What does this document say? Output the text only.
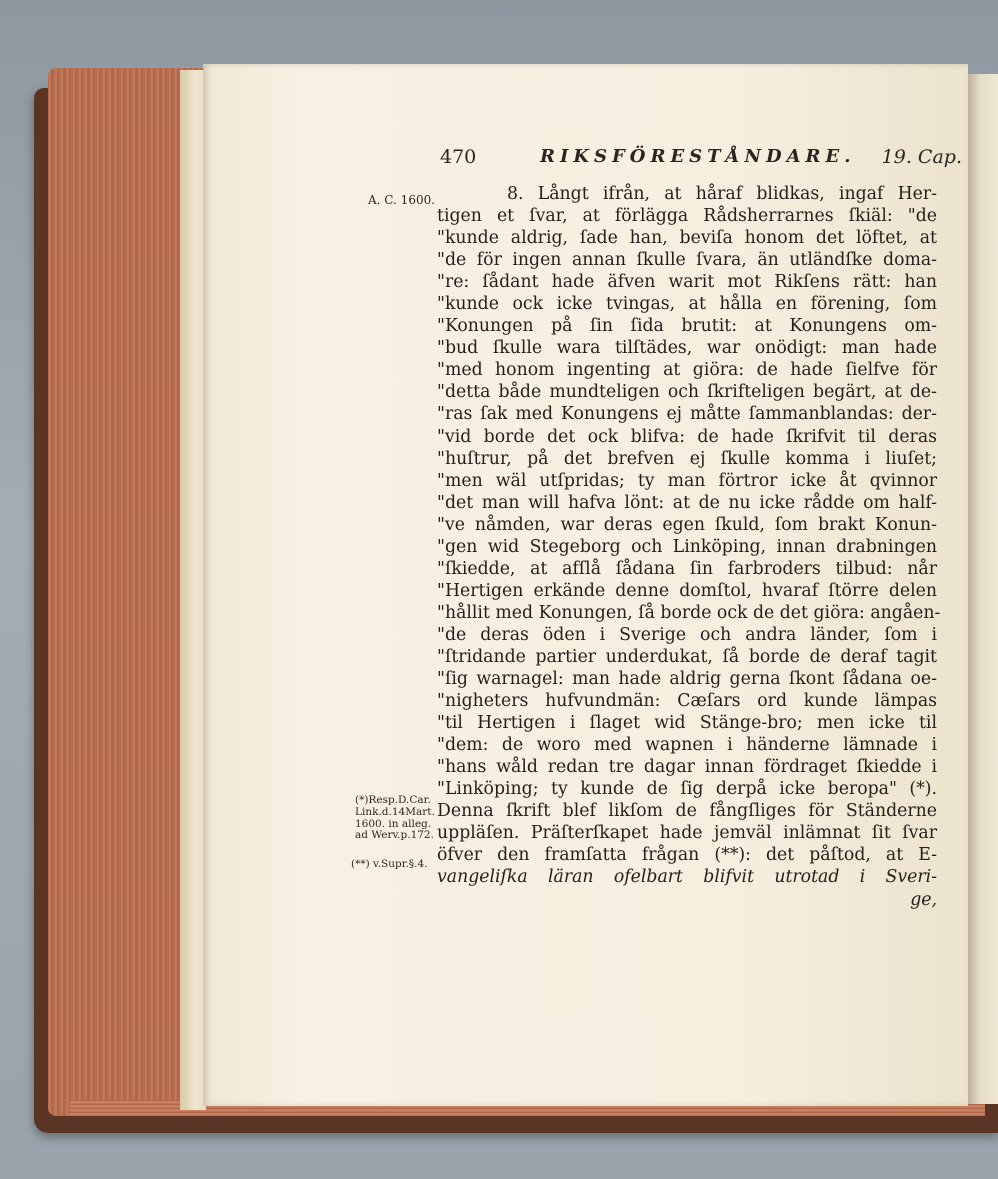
470	RIKSFÖRESTÅNDARE. 19. Cap.
A. C. 1600.
(*)Resp.D.Car.
Link.d.14Mart.
1600. in alleg.
ad Werv.p.172.
(**) v.Supr.§.4.
8. Långt ifrån, at håraf blidkas, ingaf Her-
tigen et ſvar, at förlägga Rådsherrarnes ſkiäl: "de
"kunde aldrig, ſade han, beviſa honom det löftet, at
"de för ingen annan ſkulle ſvara, än utländſke doma-
"re: ſådant hade äfven warit mot Rikſens rätt: han
"kunde ock icke tvingas, at hålla en förening, ſom
"Konungen på ſin ſida brutit: at Konungens om-
"bud ſkulle wara tilſtädes, war onödigt: man hade
"med honom ingenting at giöra: de hade ſielfve för
"detta både mundteligen och ſkrifteligen begärt, at de-
"ras ſak med Konungens ej måtte ſammanblandas: der-
"vid borde det ock blifva: de hade ſkrifvit til deras
"huſtrur, på det brefven ej ſkulle komma i liuſet;
"men wäl utſpridas; ty man förtror icke åt qvinnor
"det man will hafva lönt: at de nu icke rådde om half-
"ve nåmden, war deras egen ſkuld, ſom brakt Konun-
"gen wid Stegeborg och Linköping, innan drabningen
"ſkiedde, at afſlå ſådana ſin farbroders tilbud: når
"Hertigen erkände denne domſtol, hvaraf ſtörre delen
"hållit med Konungen, ſå borde ock de det giöra: angåen-
"de deras öden i Sverige och andra länder, ſom i
"ſtridande partier underdukat, ſå borde de deraf tagit
"ſig warnagel: man hade aldrig gerna ſkont ſådana oe-
"nigheters hufvundmän: Cæſars ord kunde lämpas
"til Hertigen i ſlaget wid Stänge-bro; men icke til
"dem: de woro med wapnen i händerne lämnade i
"hans wåld redan tre dagar innan fördraget ſkiedde i
"Linköping; ty kunde de ſig derpå icke beropa" (*).
Denna ſkrift blef likſom de fångſliges för Ständerne
uppläſen. Präſterſkapet hade jemväl inlämnat ſit ſvar
öfver den framſatta frågan (**): det påſtod, at E-
vangeliſka läran ofelbart blifvit utrotad i Sveri-
ge,
